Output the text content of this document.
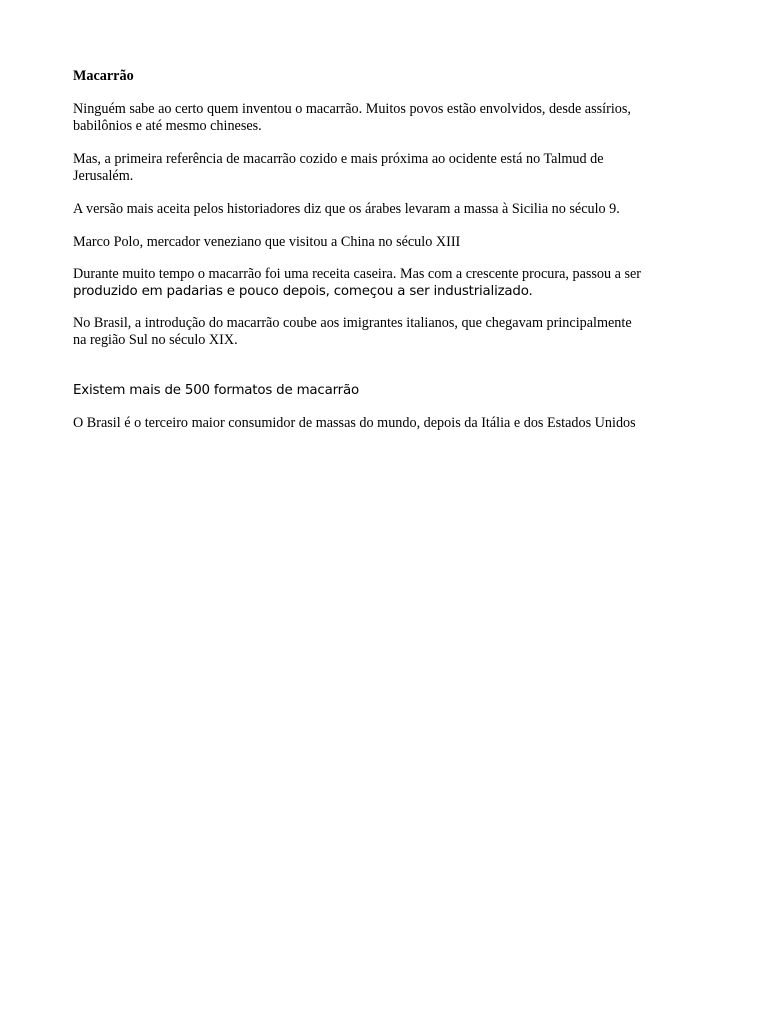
Macarrão

Ninguém sabe ao certo quem inventou o macarrão. Muitos povos estão envolvidos, desde assírios,
babilônios e até mesmo chineses.
Mas, a primeira referência de macarrão cozido e mais próxima ao ocidente está no Talmud de
Jerusalém.
A versão mais aceita pelos historiadores diz que os árabes levaram a massa à Sicilia no século 9.
Marco Polo, mercador veneziano que visitou a China no século XIII
Durante muito tempo o macarrão foi uma receita caseira. Mas com a crescente procura, passou a ser
produzido em padarias e pouco depois, começou a ser industrializado.
No Brasil, a introdução do macarrão coube aos imigrantes italianos, que chegavam principalmente
na região Sul no século XIX.
Existem mais de 500 formatos de macarrão
O Brasil é o terceiro maior consumidor de massas do mundo, depois da Itália e dos Estados Unidos
